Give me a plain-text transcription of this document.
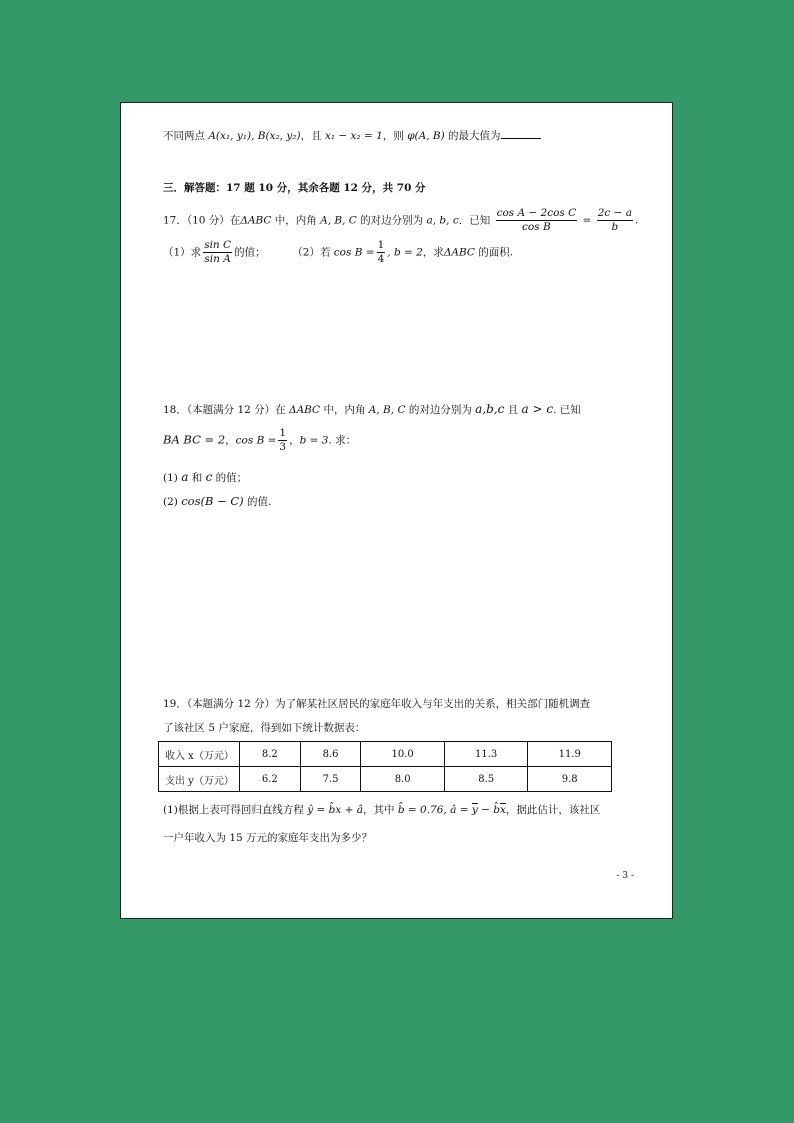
不同两点 A(x₁, y₁), B(x₂, y₂)，且 x₁ − x₂ = 1，则 φ(A, B) 的最大值为
三．解答题：17 题 10 分，其余各题 12 分，共 70 分
17．（10 分）在ΔABC 中，内角 A, B, C 的对边分别为 a, b, c．已知 $\frac{\text{cos A − 2cos C}}{\text{cos B}} = \frac{2c - a}{b}$ .
（1）求 $\frac{\text{sin C}}{\text{sin A}}$ 的值；	（2）若 $\cos B = \frac{1}{4}$ , b = 2，求ΔABC 的面积.
18．（本题满分 12 分）在 ΔABC 中，内角 A, B, C 的对边分别为 a,b,c 且 a > c. 已知
BA BC = 2，$\cos B = \frac{1}{3}$ ，b = 3. 求：
(1) a 和 c 的值；
(2) cos(B − C) 的值.
19．（本题满分 12 分）为了解某社区居民的家庭年收入与年支出的关系，相关部门随机调查
了该社区 5 户家庭，得到如下统计数据表：
收入 x（万元）	8.2	8.6	10.0	11.3	11.9
支出 y（万元）	6.2	7.5	8.0	8.5	9.8
(1)根据上表可得回归直线方程 ŷ = b̂x + â，其中 b̂ = 0.76, â = $\overline{y}$ − $b̂\overline{x}$，据此估计，该社区
一户年收入为 15 万元的家庭年支出为多少？
- 3 -
